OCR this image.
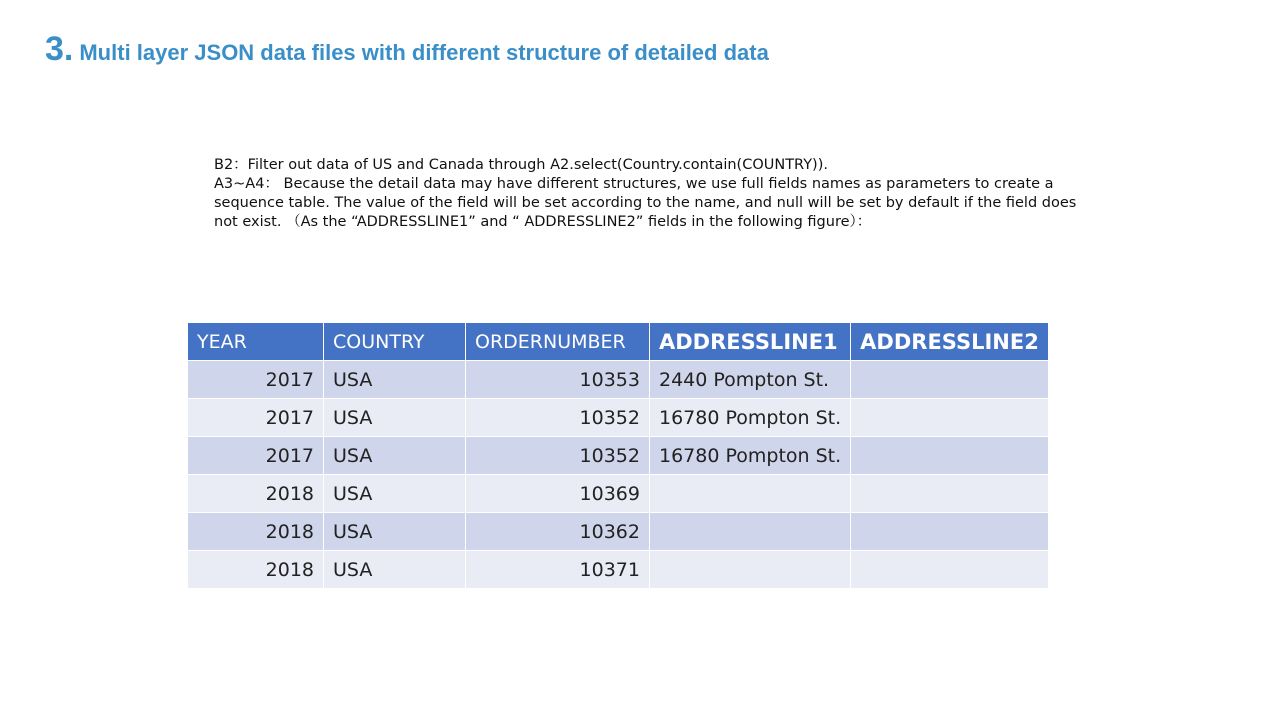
3. Multi layer JSON data files with different structure of detailed data

B2：Filter out data of US and Canada through A2.select(Country.contain(COUNTRY)).

A3~A4： Because the detail data may have different structures, we use full fields names as parameters to create a sequence table. The value of the field will be set according to the name, and null will be set by default if the field does not exist. （As the “ADDRESSLINE1” and “ ADDRESSLINE2” fields in the following figure）：

YEAR	COUNTRY	ORDERNUMBER	ADDRESSLINE1	ADDRESSLINE2
2017	USA	10353	2440 Pompton St.	
2017	USA	10352	16780 Pompton St.	
2017	USA	10352	16780 Pompton St.	
2018	USA	10369		
2018	USA	10362		
2018	USA	10371		
